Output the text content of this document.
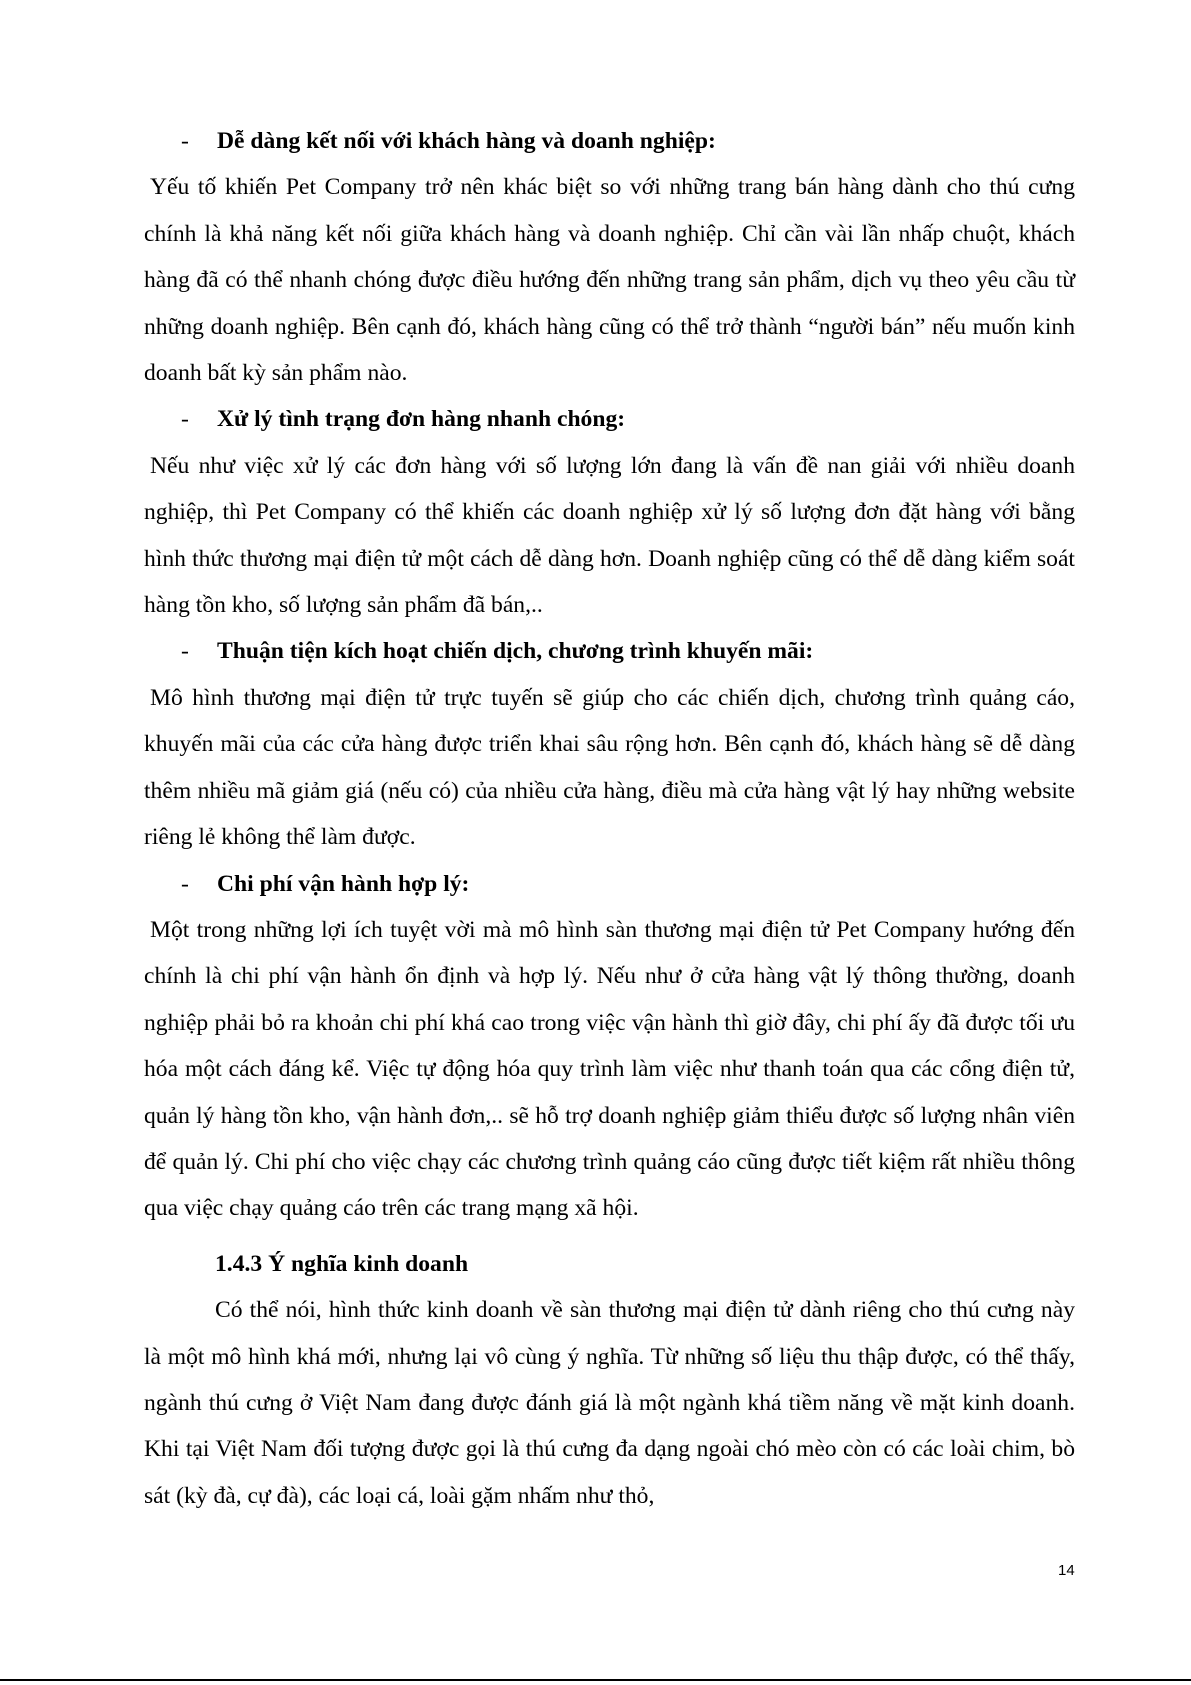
-	Dễ dàng kết nối với khách hàng và doanh nghiệp:

Yếu tố khiến Pet Company trở nên khác biệt so với những trang bán hàng dành cho thú cưng chính là khả năng kết nối giữa khách hàng và doanh nghiệp. Chỉ cần vài lần nhấp chuột, khách hàng đã có thể nhanh chóng được điều hướng đến những trang sản phẩm, dịch vụ theo yêu cầu từ những doanh nghiệp. Bên cạnh đó, khách hàng cũng có thể trở thành “người bán” nếu muốn kinh doanh bất kỳ sản phẩm nào.

-	Xử lý tình trạng đơn hàng nhanh chóng:

Nếu như việc xử lý các đơn hàng với số lượng lớn đang là vấn đề nan giải với nhiều doanh nghiệp, thì Pet Company có thể khiến các doanh nghiệp xử lý số lượng đơn đặt hàng với bằng hình thức thương mại điện tử một cách dễ dàng hơn. Doanh nghiệp cũng có thể dễ dàng kiểm soát hàng tồn kho, số lượng sản phẩm đã bán,..

-	Thuận tiện kích hoạt chiến dịch, chương trình khuyến mãi:

Mô hình thương mại điện tử trực tuyến sẽ giúp cho các chiến dịch, chương trình quảng cáo, khuyến mãi của các cửa hàng được triển khai sâu rộng hơn. Bên cạnh đó, khách hàng sẽ dễ dàng thêm nhiều mã giảm giá (nếu có) của nhiều cửa hàng, điều mà cửa hàng vật lý hay những website riêng lẻ không thể làm được.

-	Chi phí vận hành hợp lý:

Một trong những lợi ích tuyệt vời mà mô hình sàn thương mại điện tử Pet Company hướng đến chính là chi phí vận hành ổn định và hợp lý. Nếu như ở cửa hàng vật lý thông thường, doanh nghiệp phải bỏ ra khoản chi phí khá cao trong việc vận hành thì giờ đây, chi phí ấy đã được tối ưu hóa một cách đáng kể. Việc tự động hóa quy trình làm việc như thanh toán qua các cổng điện tử, quản lý hàng tồn kho, vận hành đơn,.. sẽ hỗ trợ doanh nghiệp giảm thiểu được số lượng nhân viên để quản lý. Chi phí cho việc chạy các chương trình quảng cáo cũng được tiết kiệm rất nhiều thông qua việc chạy quảng cáo trên các trang mạng xã hội.

1.4.3 Ý nghĩa kinh doanh

Có thể nói, hình thức kinh doanh về sàn thương mại điện tử dành riêng cho thú cưng này là một mô hình khá mới, nhưng lại vô cùng ý nghĩa. Từ những số liệu thu thập được, có thể thấy, ngành thú cưng ở Việt Nam đang được đánh giá là một ngành khá tiềm năng về mặt kinh doanh. Khi tại Việt Nam đối tượng được gọi là thú cưng đa dạng ngoài chó mèo còn có các loài chim, bò sát (kỳ đà, cự đà), các loại cá, loài gặm nhấm như thỏ,

14
